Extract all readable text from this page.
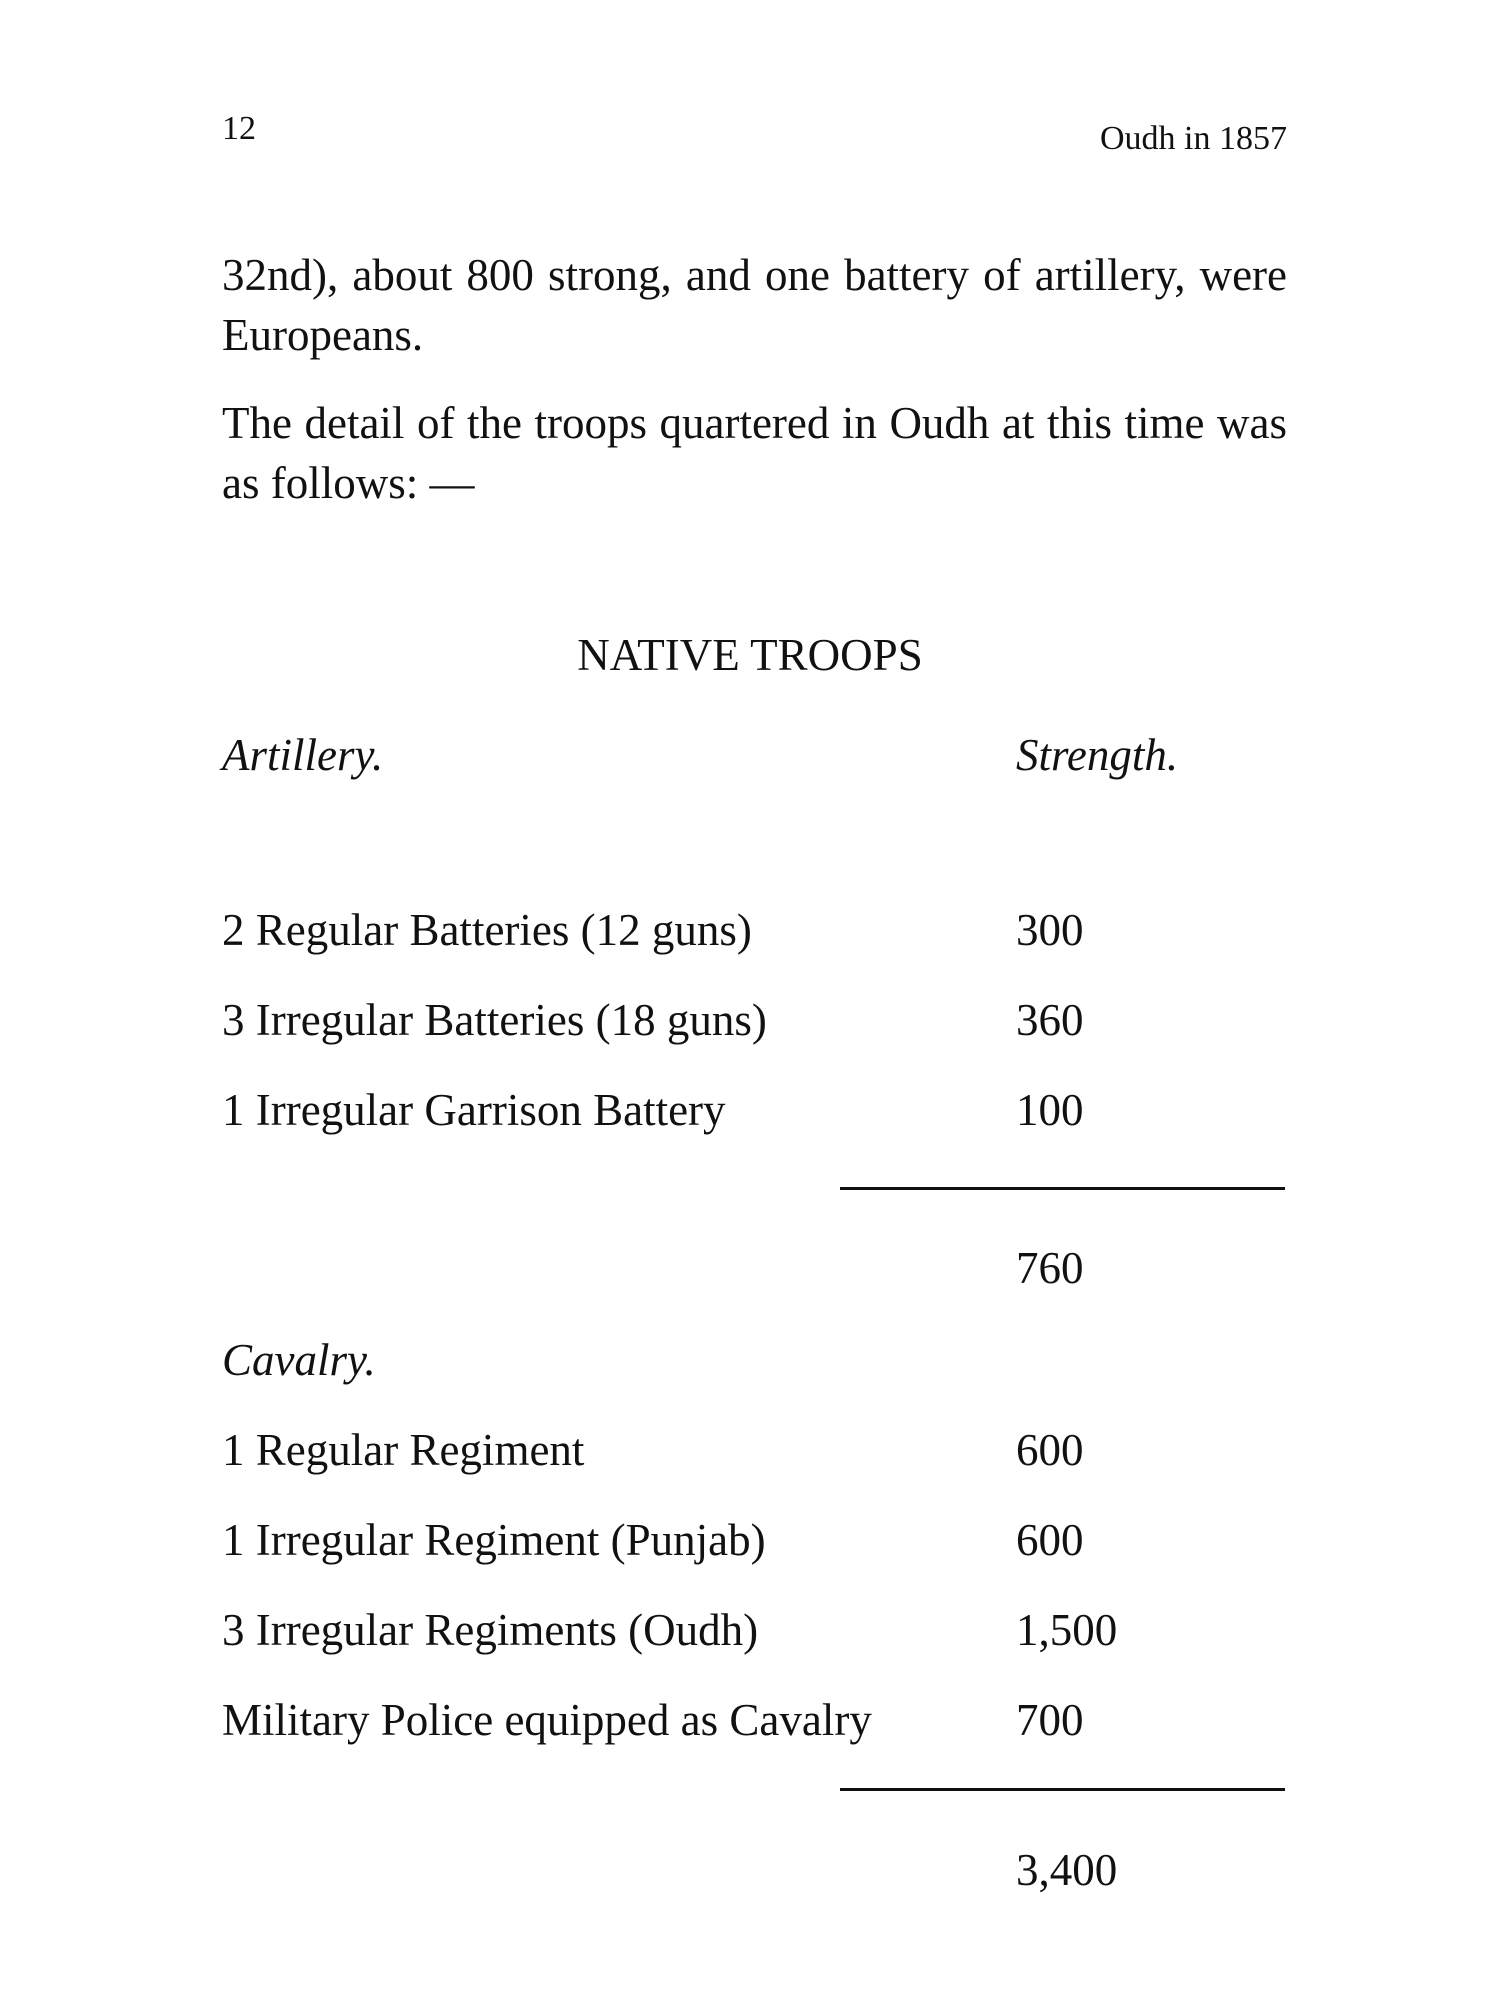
12	Oudh in 1857

32nd), about 800 strong, and one battery of artillery, were Europeans.

The detail of the troops quartered in Oudh at this time was as follows: —

NATIVE TROOPS
Artillery.	Strength.
2 Regular Batteries (12 guns)	300
3 Irregular Batteries (18 guns)	360
1 Irregular Garrison Battery	100
760
Cavalry.
1 Regular Regiment	600
1 Irregular Regiment (Punjab)	600
3 Irregular Regiments (Oudh)	1,500
Military Police equipped as Cavalry	700
3,400
